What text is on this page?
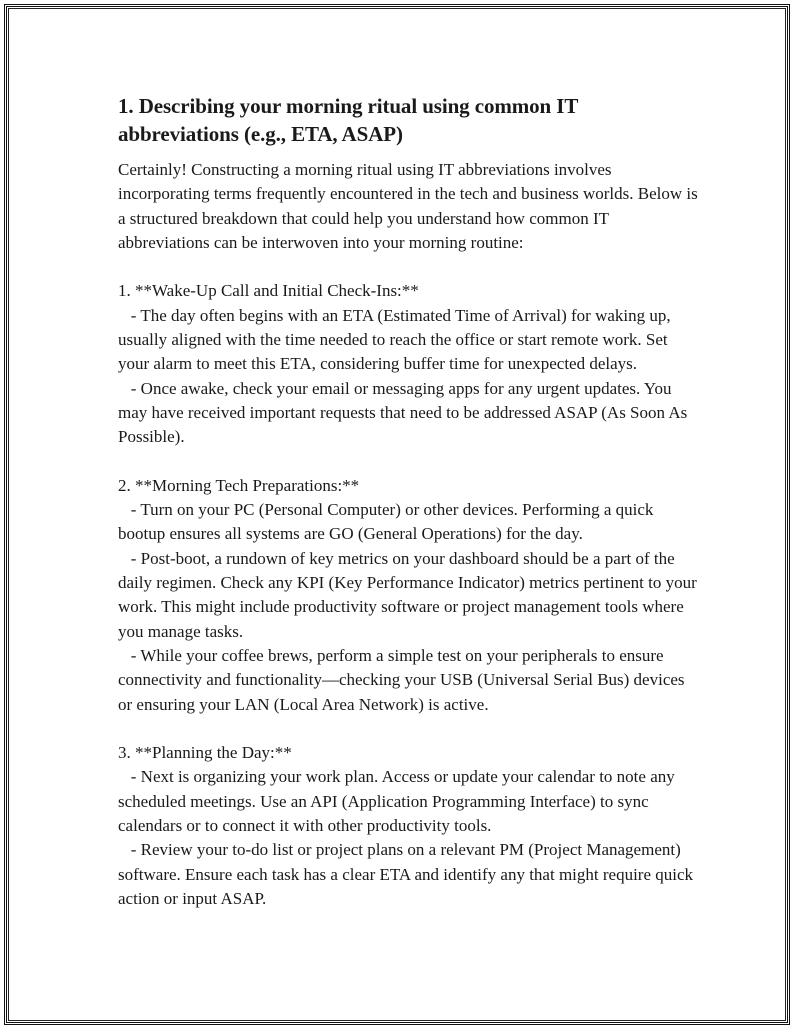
1. Describing your morning ritual using common IT abbreviations (e.g., ETA, ASAP)

Certainly! Constructing a morning ritual using IT abbreviations involves incorporating terms frequently encountered in the tech and business worlds. Below is a structured breakdown that could help you understand how common IT abbreviations can be interwoven into your morning routine:

1. **Wake-Up Call and Initial Check-Ins:**

- The day often begins with an ETA (Estimated Time of Arrival) for waking up, usually aligned with the time needed to reach the office or start remote work. Set your alarm to meet this ETA, considering buffer time for unexpected delays.

- Once awake, check your email or messaging apps for any urgent updates. You may have received important requests that need to be addressed ASAP (As Soon As Possible).

2. **Morning Tech Preparations:**

- Turn on your PC (Personal Computer) or other devices. Performing a quick bootup ensures all systems are GO (General Operations) for the day.

- Post-boot, a rundown of key metrics on your dashboard should be a part of the daily regimen. Check any KPI (Key Performance Indicator) metrics pertinent to your work. This might include productivity software or project management tools where you manage tasks.

- While your coffee brews, perform a simple test on your peripherals to ensure connectivity and functionality—checking your USB (Universal Serial Bus) devices or ensuring your LAN (Local Area Network) is active.

3. **Planning the Day:**

- Next is organizing your work plan. Access or update your calendar to note any scheduled meetings. Use an API (Application Programming Interface) to sync calendars or to connect it with other productivity tools.

- Review your to-do list or project plans on a relevant PM (Project Management) software. Ensure each task has a clear ETA and identify any that might require quick action or input ASAP.
